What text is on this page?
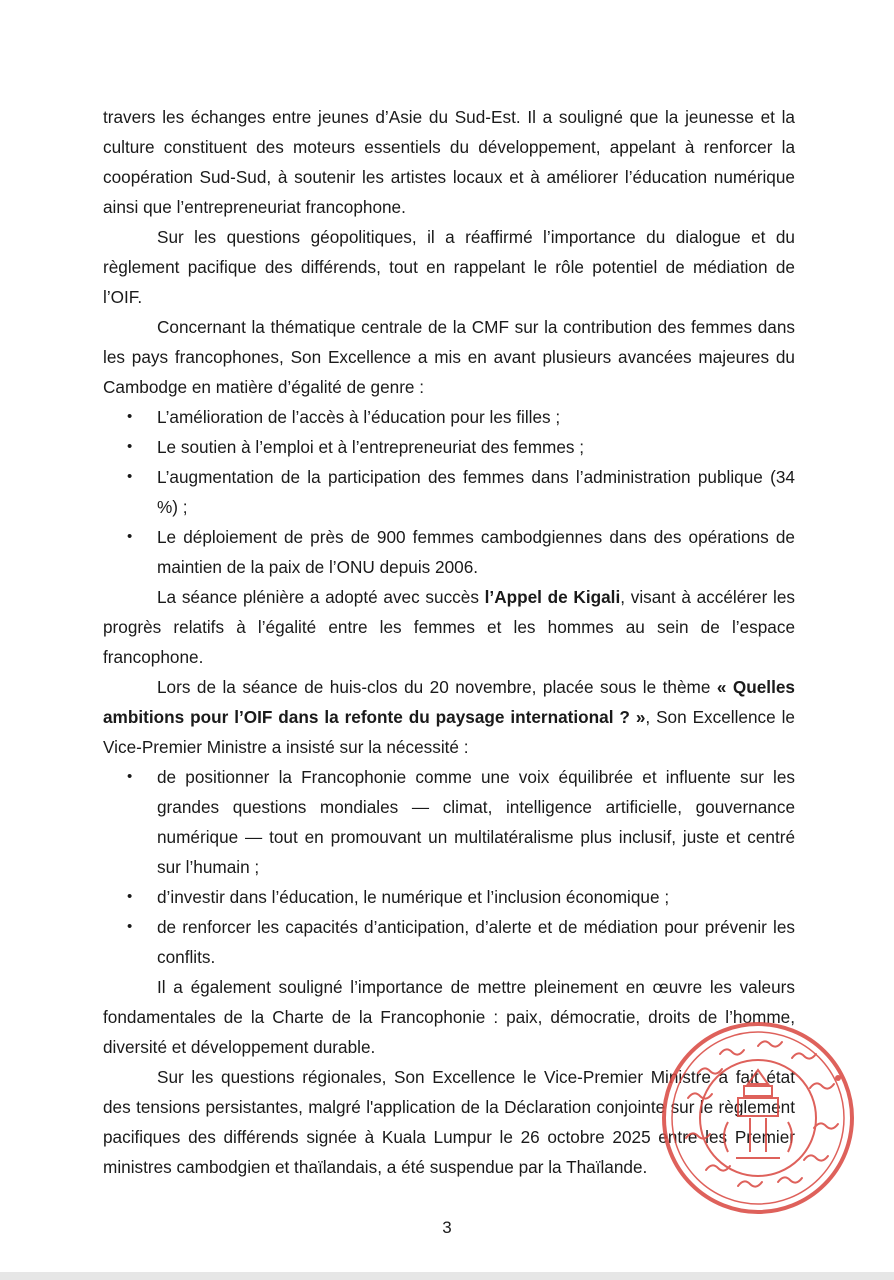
travers les échanges entre jeunes d’Asie du Sud-Est. Il a souligné que la jeunesse et la culture constituent des moteurs essentiels du développement, appelant à renforcer la coopération Sud-Sud, à soutenir les artistes locaux et à améliorer l’éducation numérique ainsi que l’entrepreneuriat francophone.

Sur les questions géopolitiques, il a réaffirmé l’importance du dialogue et du règlement pacifique des différends, tout en rappelant le rôle potentiel de médiation de l’OIF.

Concernant la thématique centrale de la CMF sur la contribution des femmes dans les pays francophones, Son Excellence a mis en avant plusieurs avancées majeures du Cambodge en matière d’égalité de genre :

• L’amélioration de l’accès à l’éducation pour les filles ;
• Le soutien à l’emploi et à l’entrepreneuriat des femmes ;
• L’augmentation de la participation des femmes dans l’administration publique (34 %) ;
• Le déploiement de près de 900 femmes cambodgiennes dans des opérations de maintien de la paix de l’ONU depuis 2006.

La séance plénière a adopté avec succès l’Appel de Kigali, visant à accélérer les progrès relatifs à l’égalité entre les femmes et les hommes au sein de l’espace francophone.

Lors de la séance de huis-clos du 20 novembre, placée sous le thème « Quelles ambitions pour l’OIF dans la refonte du paysage international ? », Son Excellence le Vice-Premier Ministre a insisté sur la nécessité :

• de positionner la Francophonie comme une voix équilibrée et influente sur les grandes questions mondiales — climat, intelligence artificielle, gouvernance numérique — tout en promouvant un multilatéralisme plus inclusif, juste et centré sur l’humain ;
• d’investir dans l’éducation, le numérique et l’inclusion économique ;
• de renforcer les capacités d’anticipation, d’alerte et de médiation pour prévenir les conflits.

Il a également souligné l’importance de mettre pleinement en œuvre les valeurs fondamentales de la Charte de la Francophonie : paix, démocratie, droits de l’homme, diversité et développement durable.

Sur les questions régionales, Son Excellence le Vice-Premier Ministre a fait état des tensions persistantes, malgré l'application de la Déclaration conjointe sur le règlement pacifiques des différends signée à Kuala Lumpur le 26 octobre 2025 entre les Premier ministres cambodgien et thaïlandais, a été suspendue par la Thaïlande.

3
